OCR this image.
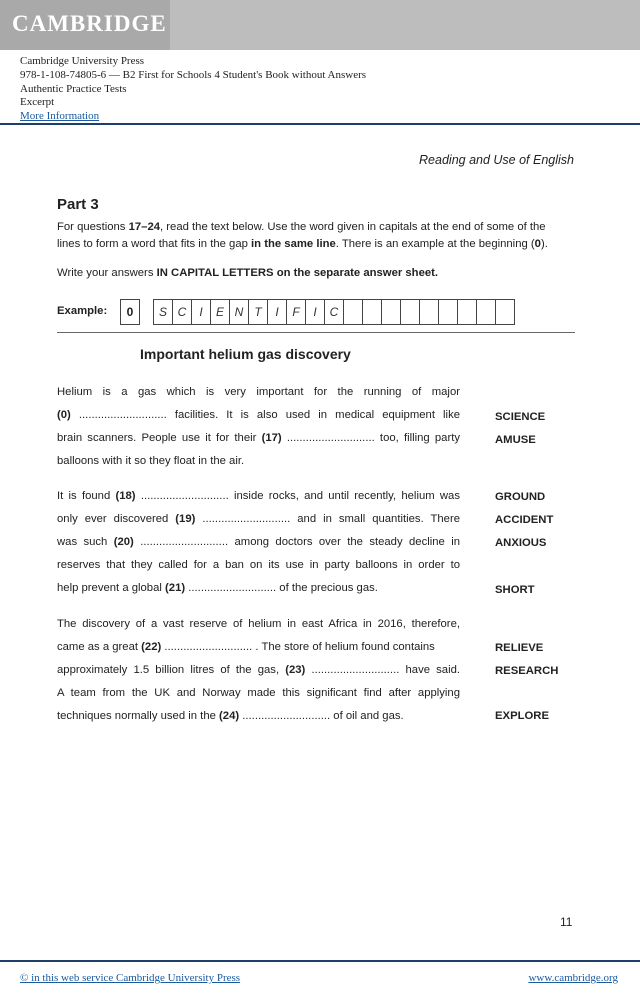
CAMBRIDGE
Cambridge University Press
978-1-108-74805-6 — B2 First for Schools 4 Student's Book without Answers
Authentic Practice Tests
Excerpt
More Information
Reading and Use of English
Part 3
For questions 17–24, read the text below. Use the word given in capitals at the end of some of the
lines to form a word that fits in the gap in the same line. There is an example at the beginning (0).
Write your answers IN CAPITAL LETTERS on the separate answer sheet.
Example:	0	S C	I	E N T	I	F	I	C
Important helium gas discovery
Helium is a gas which is very important for the running of major
(0) ............................ facilities. It is also used in medical equipment like
brain scanners. People use it for their (17) ............................ too, filling party
balloons with it so they float in the air.
It is found (18) ............................ inside rocks, and until recently, helium was
only ever discovered (19) ............................ and in small quantities. There
was such (20) ............................ among doctors over the steady decline in
reserves that they called for a ban on its use in party balloons in order to
help prevent a global (21) ............................ of the precious gas.
The discovery of a vast reserve of helium in east Africa in 2016, therefore,
came as a great (22) ............................ . The store of helium found contains
approximately 1.5 billion litres of the gas, (23) ............................ have said.
A team from the UK and Norway made this significant find after applying
techniques normally used in the (24) ............................ of oil and gas.
SCIENCE
AMUSE
GROUND
ACCIDENT
ANXIOUS
SHORT
RELIEVE
RESEARCH
EXPLORE
11
© in this web service Cambridge University Press	www.cambridge.org
